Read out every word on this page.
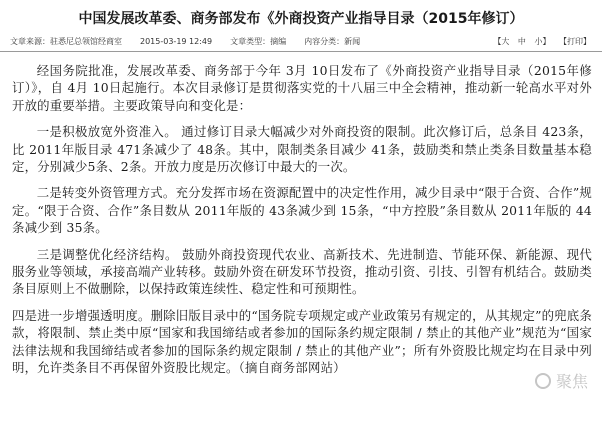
中国发展改革委、商务部发布《外商投资产业指导目录（2015年修订）
文章来源：驻悉尼总领馆经商室 2015-03-19 12:49 文章类型：摘编 内容分类：新闻	【大 中 小】 【打印】

经国务院批准，发展改革委、商务部于今年 3月 10日发布了《外商投资产业指导目录（2015年修订）》，自 4月 10日起施行。本次目录修订是贯彻落实党的十八届三中全会精神，推动新一轮高水平对外开放的重要举措。主要政策导向和变化是：

一是积极放宽外资准入。 通过修订目录大幅减少对外商投资的限制。此次修订后，总条目 423条，比 2011年版目录 471条减少了 48条。其中，限制类条目减少 41条，鼓励类和禁止类条目数量基本稳定，分别减少5条、2条。开放力度是历次修订中最大的一次。

二是转变外资管理方式。充分发挥市场在资源配置中的决定性作用，减少目录中“限于合资、合作”规定。“限于合资、合作”条目数从 2011年版的 43条减少到 15条，“中方控股”条目数从 2011年版的 44条减少到 35条。

三是调整优化经济结构。 鼓励外商投资现代农业、高新技术、先进制造、节能环保、新能源、现代服务业等领域，承接高端产业转移。鼓励外资在研发环节投资，推动引资、引技、引智有机结合。鼓励类条目原则上不做删除，以保持政策连续性、稳定性和可预期性。

四是进一步增强透明度。删除旧版目录中的“国务院专项规定或产业政策另有规定的，从其规定”的兜底条款，将限制、禁止类中原“国家和我国缔结或者参加的国际条约规定限制 / 禁止的其他产业”规范为“国家法律法规和我国缔结或者参加的国际条约规定限制 / 禁止的其他产业”；所有外资股比规定均在目录中列明，允许类条目不再保留外资股比规定。（摘自商务部网站）

聚焦
